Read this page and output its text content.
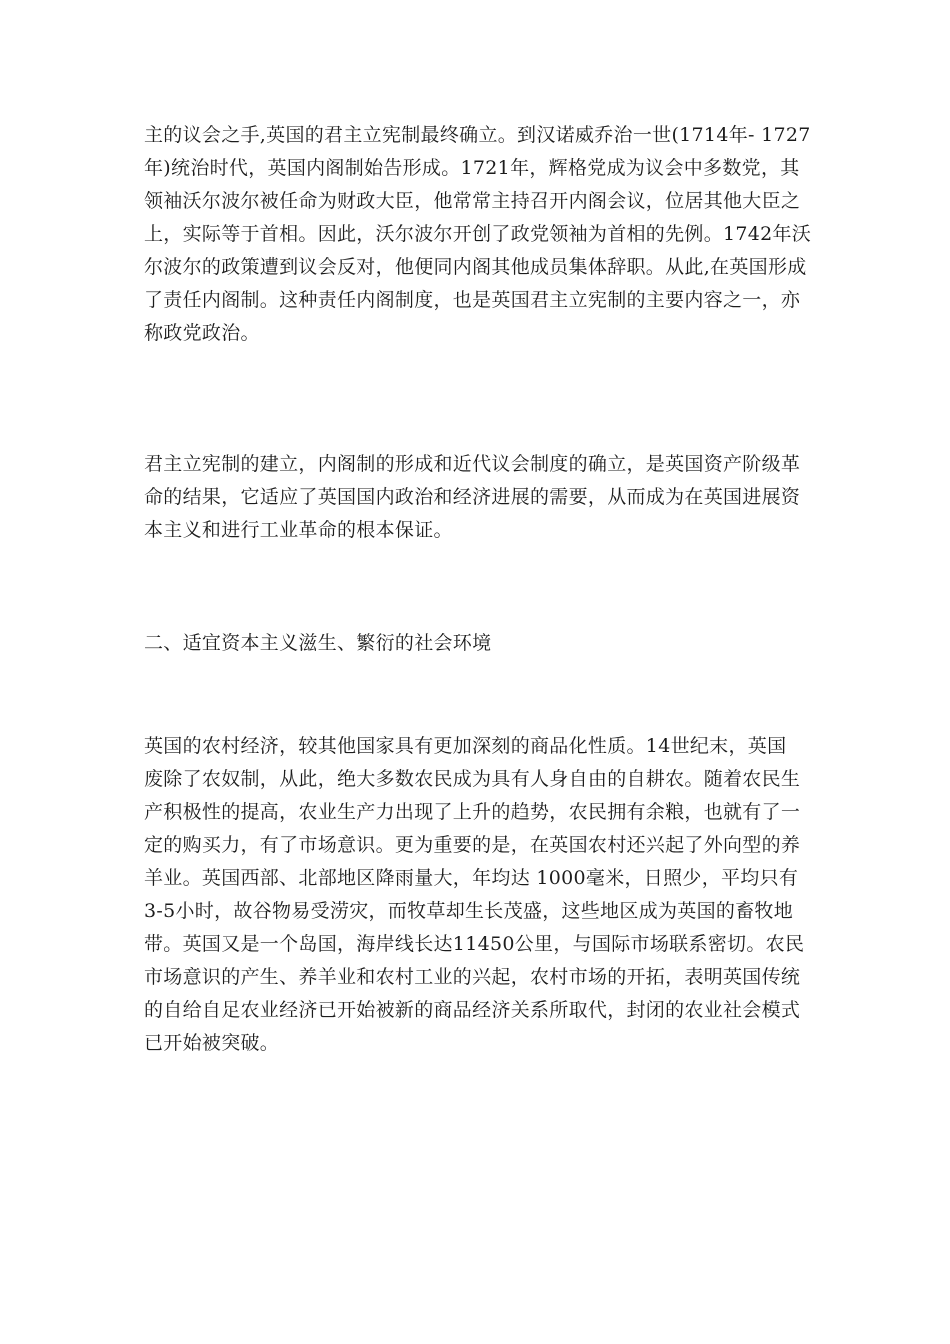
主的议会之手,英国的君主立宪制最终确立。到汉诺威乔治一世(1714年- 1727
年)统治时代，英国内阁制始告形成。1721年，辉格党成为议会中多数党，其
领袖沃尔波尔被任命为财政大臣，他常常主持召开内阁会议，位居其他大臣之
上，实际等于首相。因此，沃尔波尔开创了政党领袖为首相的先例。1742年沃
尔波尔的政策遭到议会反对，他便同内阁其他成员集体辞职。从此,在英国形成
了责任内阁制。这种责任内阁制度，也是英国君主立宪制的主要内容之一，亦
称政党政治。
君主立宪制的建立，内阁制的形成和近代议会制度的确立，是英国资产阶级革
命的结果，它适应了英国国内政治和经济进展的需要，从而成为在英国进展资
本主义和进行工业革命的根本保证。
二、适宜资本主义滋生、繁衍的社会环境
英国的农村经济，较其他国家具有更加深刻的商品化性质。14世纪末，英国
废除了农奴制，从此，绝大多数农民成为具有人身自由的自耕农。随着农民生
产积极性的提高，农业生产力出现了上升的趋势，农民拥有余粮，也就有了一
定的购买力，有了市场意识。更为重要的是，在英国农村还兴起了外向型的养
羊业。英国西部、北部地区降雨量大，年均达 1000毫米，日照少，平均只有
3-5小时，故谷物易受涝灾，而牧草却生长茂盛，这些地区成为英国的畜牧地
带。英国又是一个岛国，海岸线长达11450公里，与国际市场联系密切。农民
市场意识的产生、养羊业和农村工业的兴起，农村市场的开拓，表明英国传统
的自给自足农业经济已开始被新的商品经济关系所取代，封闭的农业社会模式
已开始被突破。
